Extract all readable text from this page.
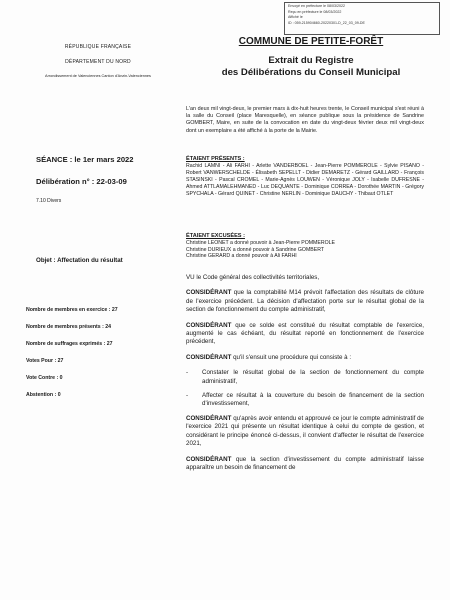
Envoyé en préfecture le 08/03/2022
Reçu en préfecture le 08/03/2022
Affiché le
ID : 059-215904660-20220301-D_22_03_09-DE
RÉPUBLIQUE FRANÇAISE
DÉPARTEMENT DU NORD
Arrondissement de Valenciennes Canton d'Anzin-Valenciennes
COMMUNE DE PETITE-FORÊT
Extrait du Registre
des Délibérations du Conseil Municipal
L'an deux mil vingt-deux, le premier mars à dix-huit heures trente, le Conseil municipal s'est réuni à la salle du Conseil (place Maresquelle), en séance publique sous la présidence de Sandrine GOMBERT, Maire, en suite de la convocation en date du vingt-deux février deux mil vingt-deux dont un exemplaire a été affiché à la porte de la Mairie.
SÉANCE : le 1er mars 2022
Délibération n° : 22-03-09
7.10 Divers
ÉTAIENT PRÉSENTS :
Rachid LAMNI - Ali FARHI - Arlette VANDERBOEL - Jean-Pierre POMMEROLE - Sylvie PISANO - Robert VANWERSCHELDE - Élisabeth SEPELLT - Didier DEMARETZ - Gérard GAILLARD - François STASINSKI - Pascal CROMEL - Marie-Agnès LOUWEN - Véronique JOLY - Isabelle DUFRESNE - Ahmed ATTLAMALEHMANED - Luc DEQUANTE - Dominique CORREA - Dorothée MARTIN - Grégory SPYCHALA - Gérard QUINET - Christine NERLIN - Dominique DAUCHY - Thibaut OTLET
ÉTAIENT EXCUSÉES :
Christine LEONET a donné pouvoir à Jean-Pierre POMMEROLE
Christine DURIEUX a donné pouvoir à Sandrine GOMBERT
Christine GERARD a donné pouvoir à Ali FARHI
Objet : Affectation du résultat
Nombre de membres en exercice : 27
Nombre de membres présents : 24
Nombre de suffrages exprimés : 27
Votes Pour : 27
Vote Contre : 0
Abstention : 0

VU le Code général des collectivités territoriales,

CONSIDÉRANT que la comptabilité M14 prévoit l'affectation des résultats de clôture de l'exercice précédent. La décision d'affectation porte sur le résultat global de la section de fonctionnement du compte administratif,

CONSIDÉRANT que ce solde est constitué du résultat comptable de l'exercice, augmenté le cas échéant, du résultat reporté en fonctionnement de l'exercice précédent,

CONSIDÉRANT qu'il s'ensuit une procédure qui consiste à :

-	Constater le résultat global de la section de fonctionnement du compte administratif,
-	Affecter ce résultat à la couverture du besoin de financement de la section d'investissement,

CONSIDÉRANT qu'après avoir entendu et approuvé ce jour le compte administratif de l'exercice 2021 qui présente un résultat identique à celui du compte de gestion, et considérant le principe énoncé ci-dessus, il convient d'affecter le résultat de l'exercice 2021,

CONSIDÉRANT que la section d'investissement du compte administratif laisse apparaître un besoin de financement de
